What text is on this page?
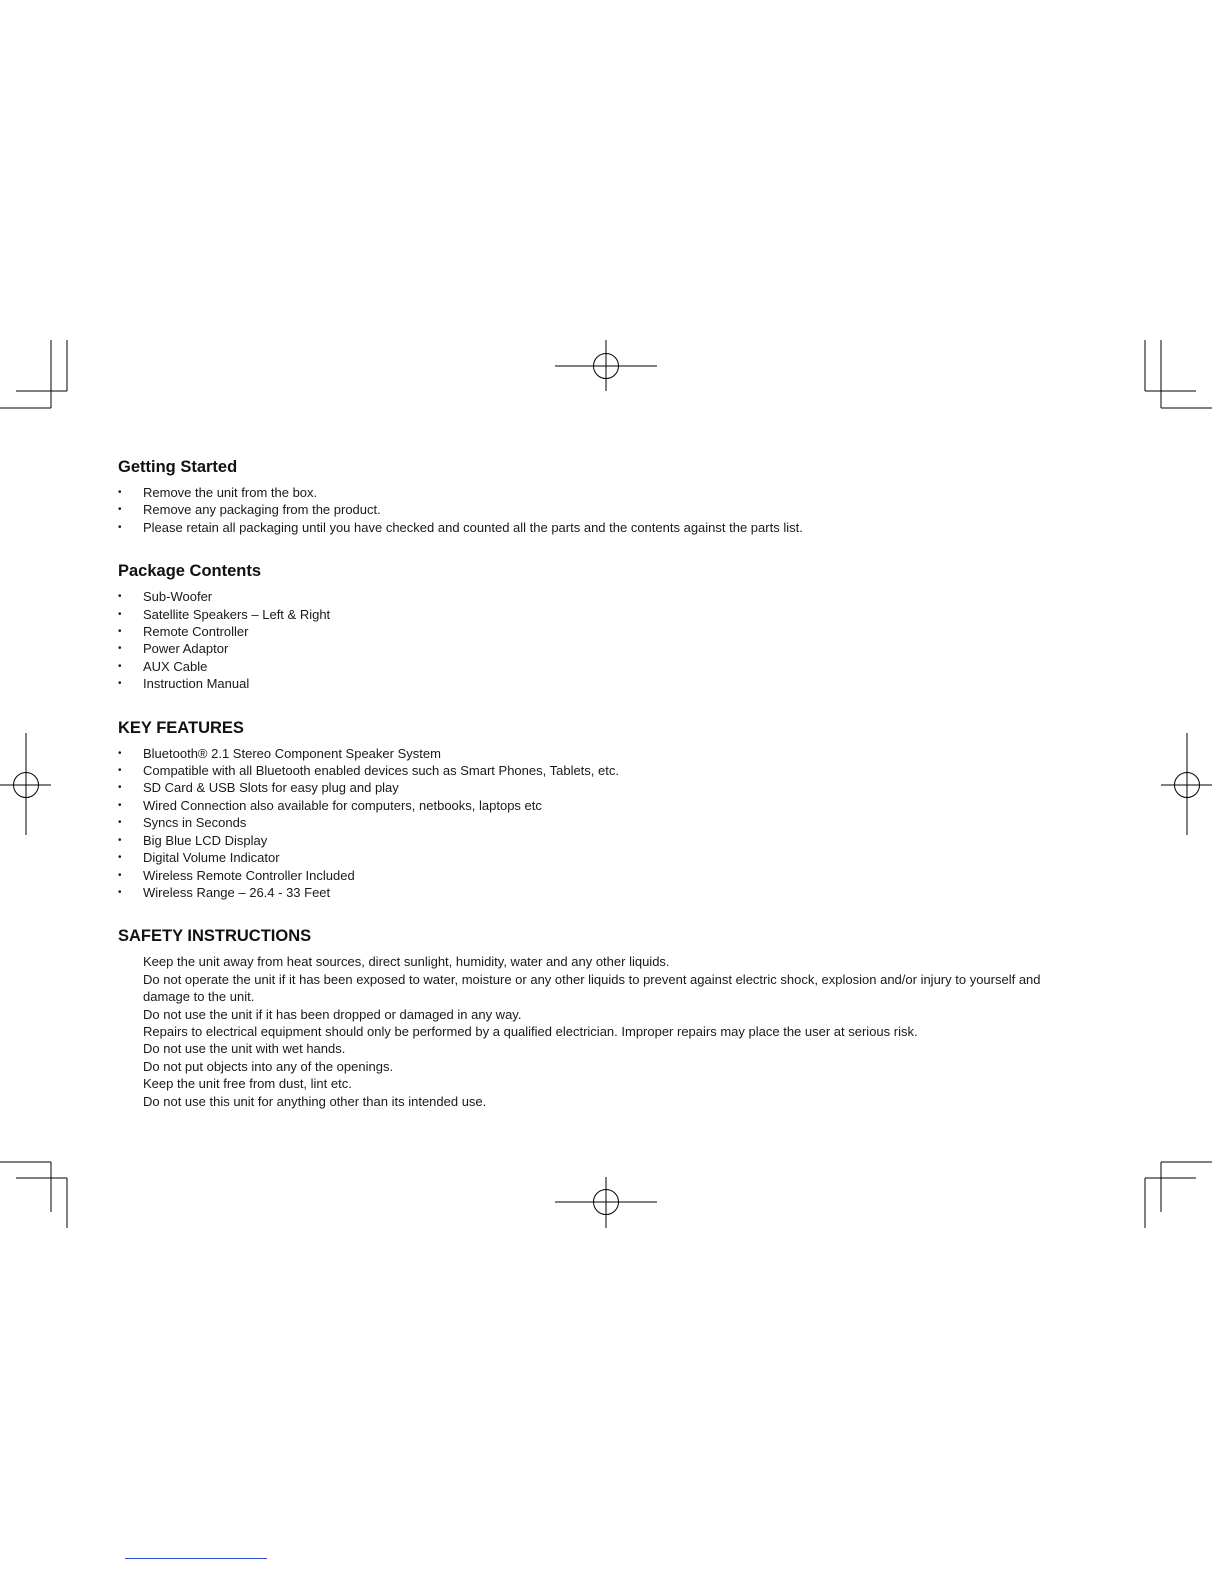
Getting Started
• Remove the unit from the box.
• Remove any packaging from the product.
• Please retain all packaging until you have checked and counted all the parts and the contents against the parts list.
Package Contents
• Sub-Woofer
• Satellite Speakers – Left & Right
• Remote Controller
• Power Adaptor
• AUX Cable
• Instruction Manual
KEY FEATURES
• Bluetooth® 2.1 Stereo Component Speaker System
• Compatible with all Bluetooth enabled devices such as Smart Phones, Tablets, etc.
• SD Card & USB Slots for easy plug and play
• Wired Connection also available for computers, netbooks, laptops etc
• Syncs in Seconds
• Big Blue LCD Display
• Digital Volume Indicator
• Wireless Remote Controller Included
• Wireless Range – 26.4 - 33 Feet
SAFETY INSTRUCTIONS

Keep the unit away from heat sources, direct sunlight, humidity, water and any other liquids.

Do not operate the unit if it has been exposed to water, moisture or any other liquids to prevent against electric shock, explosion and/or injury to yourself and

damage to the unit.

Do not use the unit if it has been dropped or damaged in any way.

Repairs to electrical equipment should only be performed by a qualified electrician. Improper repairs may place the user at serious risk.

Do not use the unit with wet hands.

Do not put objects into any of the openings.

Keep the unit free from dust, lint etc.

Do not use this unit for anything other than its intended use.
